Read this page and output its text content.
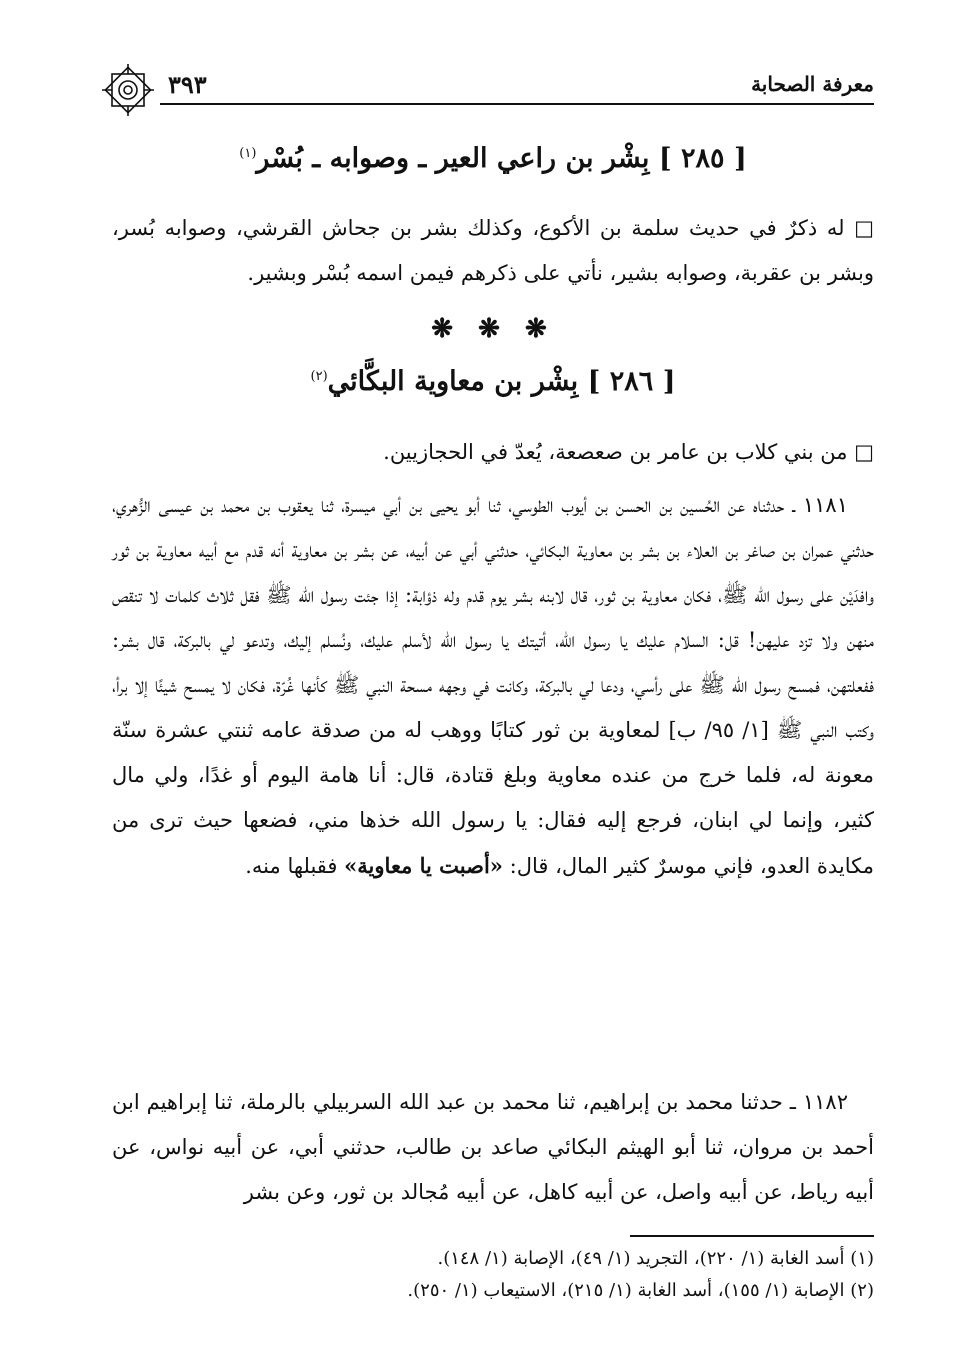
٣٩٣	معرفة الصحابة
[ ٢٨٥ ] بِشْر بن راعي العير ـ وصوابه ـ بُسْر$^{(١)}$
□ له ذكرٌ في حديث سلمة بن الأكوع، وكذلك بشر بن جحاش القرشي، وصوابه بُسر، وبشر بن عقربة، وصوابه بشير، نأتي على ذكرهم فيمن اسمه بُسْر وبشير.
❋ ❋ ❋
[ ٢٨٦ ] بِشْر بن معاوية البكَّائي$^{(٢)}$
□ من بني كلاب بن عامر بن صعصعة، يُعدّ في الحجازيين.
١١٨١ ـ حدثناه عن الحُسين بن الحسن بن أيوب الطوسي، ثنا أبو يحيى بن أبي ميسرة، ثنا يعقوب بن محمد بن عيسى الزُّهري، حدثني عمران بن صاغر بن العلاء بن بشر بن معاوية البكائي، حدثني أبي عن أبيه، عن بشر بن معاوية أنه قدم مع أبيه معاوية بن ثور وافدَيْن على رسول الله ﷺ، فكان معاوية بن ثور، قال لابنه بشر يوم قدم وله ذؤابة: إذا جئت رسول الله ﷺ فقل ثلاث كلمات لا تنقص منهن ولا تزد عليهن! قل: السلام عليك يا رسول الله، أتيتك يا رسول الله لأسلم عليك، ونُسلم إليك، وتدعو لي بالبركة، قال بشر: ففعلتهن، فمسح رسول الله ﷺ على رأسي، ودعا لي بالبركة، وكانت في وجهه مسحة النبي ﷺ كأنها غُرّة، فكان لا يمسح شيئًا إلا برأ، وكتب النبي ﷺ [١/ ٩٥/ ب] لمعاوية بن ثور كتابًا ووهب له من صدقة عامه ثنتي عشرة سنّة معونة له، فلما خرج من عنده معاوية وبلغ قتادة، قال: أنا هامة اليوم أو غدًا، ولي مال كثير، وإنما لي ابنان، فرجع إليه فقال: يا رسول الله خذها مني، فضعها حيث ترى من مكايدة العدو، فإني موسرٌ كثير المال، قال: «أصبت يا معاوية» فقبلها منه.
١١٨٢ ـ حدثنا محمد بن إبراهيم، ثنا محمد بن عبد الله السربيلي بالرملة، ثنا إبراهيم ابن أحمد بن مروان، ثنا أبو الهيثم البكائي صاعد بن طالب، حدثني أبي، عن أبيه نواس، عن أبيه رياط، عن أبيه واصل، عن أبيه كاهل، عن أبيه مُجالد بن ثور، وعن بشر
(١) أسد الغابة (١/ ٢٢٠)، التجريد (١/ ٤٩)، الإصابة (١/ ١٤٨).
(٢) الإصابة (١/ ١٥٥)، أسد الغابة (١/ ٢١٥)، الاستيعاب (١/ ٢٥٠).
